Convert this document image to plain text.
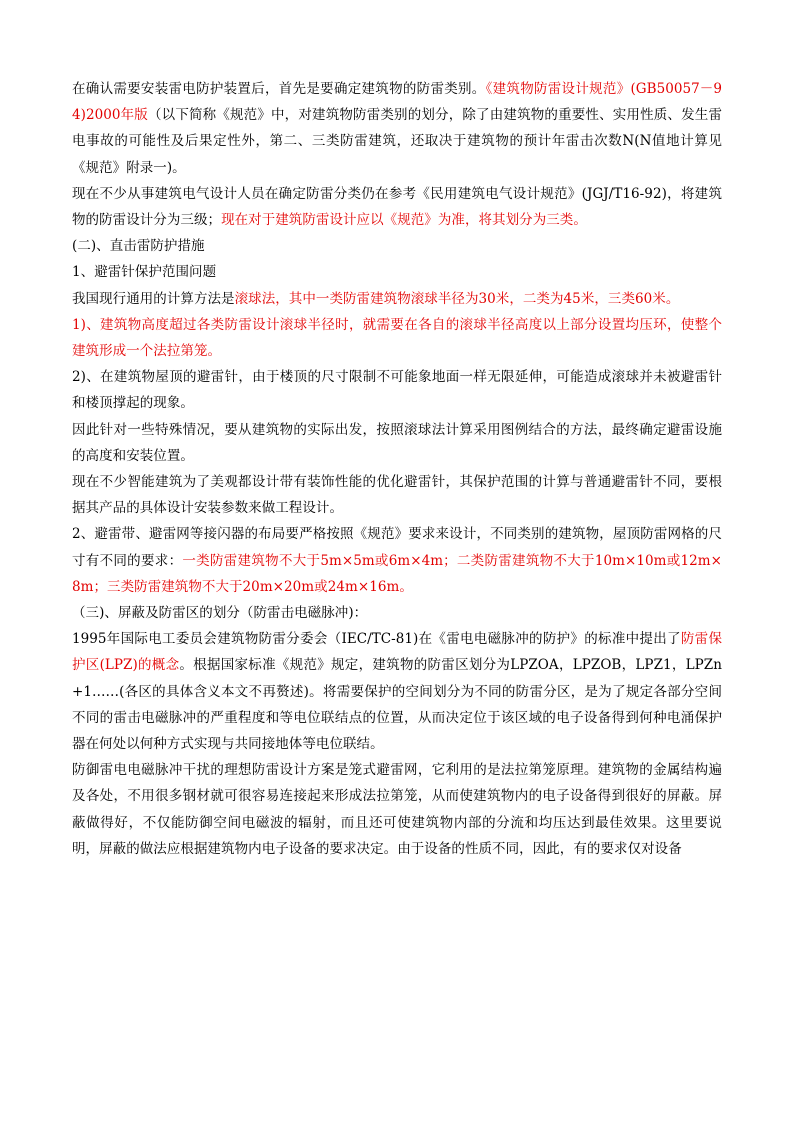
在确认需要安装雷电防护装置后，首先是要确定建筑物的防雷类别。《建筑物防雷设计规范》(GB50057－94)2000年版（以下简称《规范》中，对建筑物防雷类别的划分，除了由建筑物的重要性、实用性质、发生雷电事故的可能性及后果定性外，第二、三类防雷建筑，还取决于建筑物的预计年雷击次数N(N值地计算见《规范》附录一)。

现在不少从事建筑电气设计人员在确定防雷分类仍在参考《民用建筑电气设计规范》(JGJ/T16-92)，将建筑物的防雷设计分为三级；现在对于建筑防雷设计应以《规范》为准，将其划分为三类。

(二)、直击雷防护措施

1、避雷针保护范围问题

我国现行通用的计算方法是滚球法，其中一类防雷建筑物滚球半径为30米，二类为45米，三类60米。

1)、建筑物高度超过各类防雷设计滚球半径时，就需要在各自的滚球半径高度以上部分设置均压环，使整个建筑形成一个法拉第笼。

2)、在建筑物屋顶的避雷针，由于楼顶的尺寸限制不可能象地面一样无限延伸，可能造成滚球并未被避雷针和楼顶撑起的现象。

因此针对一些特殊情况，要从建筑物的实际出发，按照滚球法计算采用图例结合的方法，最终确定避雷设施的高度和安装位置。

现在不少智能建筑为了美观都设计带有装饰性能的优化避雷针，其保护范围的计算与普通避雷针不同，要根据其产品的具体设计安装参数来做工程设计。

2、避雷带、避雷网等接闪器的布局要严格按照《规范》要求来设计，不同类别的建筑物，屋顶防雷网格的尺寸有不同的要求：一类防雷建筑物不大于5m×5m或6m×4m；二类防雷建筑物不大于10m×10m或12m×8m；三类防雷建筑物不大于20m×20m或24m×16m。

（三)、屏蔽及防雷区的划分（防雷击电磁脉冲)：

1995年国际电工委员会建筑物防雷分委会（IEC/TC-81)在《雷电电磁脉冲的防护》的标准中提出了防雷保护区(LPZ)的概念。根据国家标准《规范》规定，建筑物的防雷区划分为LPZOA，LPZOB，LPZ1，LPZn+1……(各区的具体含义本文不再赘述)。将需要保护的空间划分为不同的防雷分区，是为了规定各部分空间不同的雷击电磁脉冲的严重程度和等电位联结点的位置，从而决定位于该区域的电子设备得到何种电涌保护器在何处以何种方式实现与共同接地体等电位联结。

防御雷电电磁脉冲干扰的理想防雷设计方案是笼式避雷网，它利用的是法拉第笼原理。建筑物的金属结构遍及各处，不用很多钢材就可很容易连接起来形成法拉第笼，从而使建筑物内的电子设备得到很好的屏蔽。屏蔽做得好，不仅能防御空间电磁波的辐射，而且还可使建筑物内部的分流和均压达到最佳效果。这里要说明，屏蔽的做法应根据建筑物内电子设备的要求决定。由于设备的性质不同，因此，有的要求仅对设备
